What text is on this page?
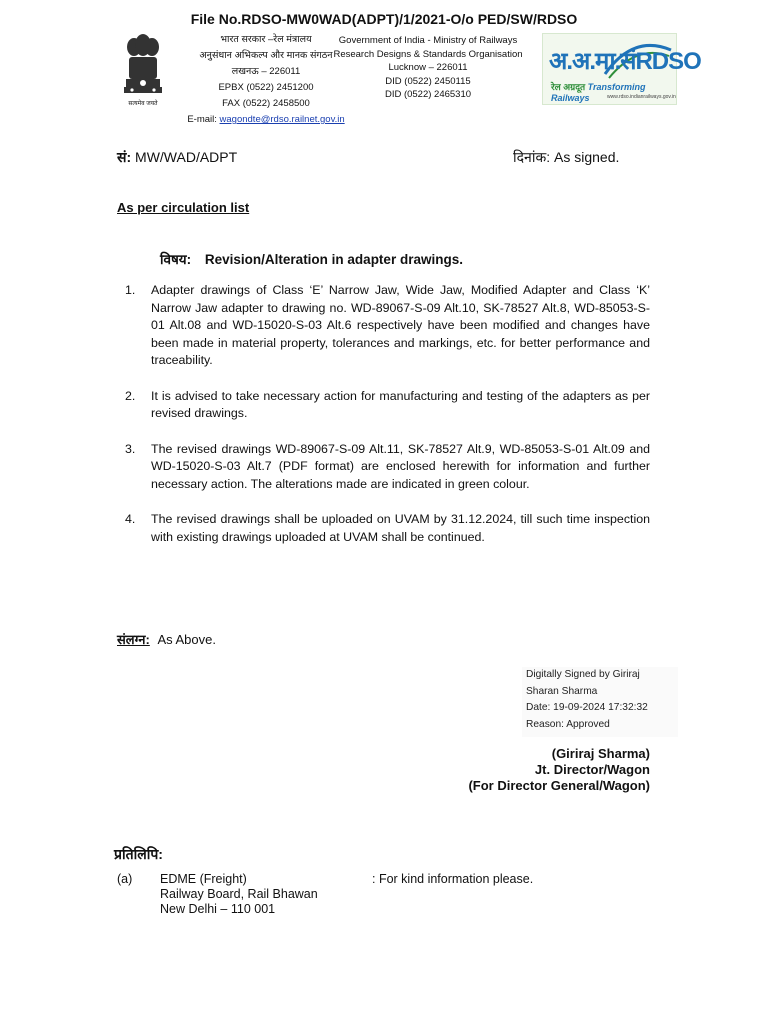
File No.RDSO-MW0WAD(ADPT)/1/2021-O/o PED/SW/RDSO
सत्यमेव जयते
भारत सरकार –रेल मंत्रालय
अनुसंधान अभिकल्प और मानक संगठन
लखनऊ – 226011
EPBX (0522) 2451200
FAX (0522) 2458500
E-mail: wagondte@rdso.railnet.gov.in
Government of India - Ministry of Railways
Research Designs & Standards Organisation
Lucknow – 226011
DID (0522) 2450115
DID (0522) 2465310
अ.अ.मा.संRDSO
रेल अग्रदूत Transforming Railways	www.rdso.indianrailways.gov.in
सं: MW/WAD/ADPT	दिनांक: As signed.
As per circulation list
विषय: Revision/Alteration in adapter drawings.
1. Adapter drawings of Class ‘E’ Narrow Jaw, Wide Jaw, Modified Adapter and Class ‘K’ Narrow Jaw adapter to drawing no. WD-89067-S-09 Alt.10, SK-78527 Alt.8, WD-85053-S-01 Alt.08 and WD-15020-S-03 Alt.6 respectively have been modified and changes have been made in material property, tolerances and markings, etc. for better performance and traceability.
2. It is advised to take necessary action for manufacturing and testing of the adapters as per revised drawings.
3. The revised drawings WD-89067-S-09 Alt.11, SK-78527 Alt.9, WD-85053-S-01 Alt.09 and WD-15020-S-03 Alt.7 (PDF format) are enclosed herewith for information and further necessary action. The alterations made are indicated in green colour.
4. The revised drawings shall be uploaded on UVAM by 31.12.2024, till such time inspection with existing drawings uploaded at UVAM shall be continued.
संलग्न: As Above.
Digitally Signed by Giriraj
Sharan Sharma
Date: 19-09-2024 17:32:32
Reason: Approved
(Giriraj Sharma)
Jt. Director/Wagon
(For Director General/Wagon)
प्रतिलिपि:
(a) EDME (Freight)
Railway Board, Rail Bhawan
New Delhi – 110 001
: For kind information please.
